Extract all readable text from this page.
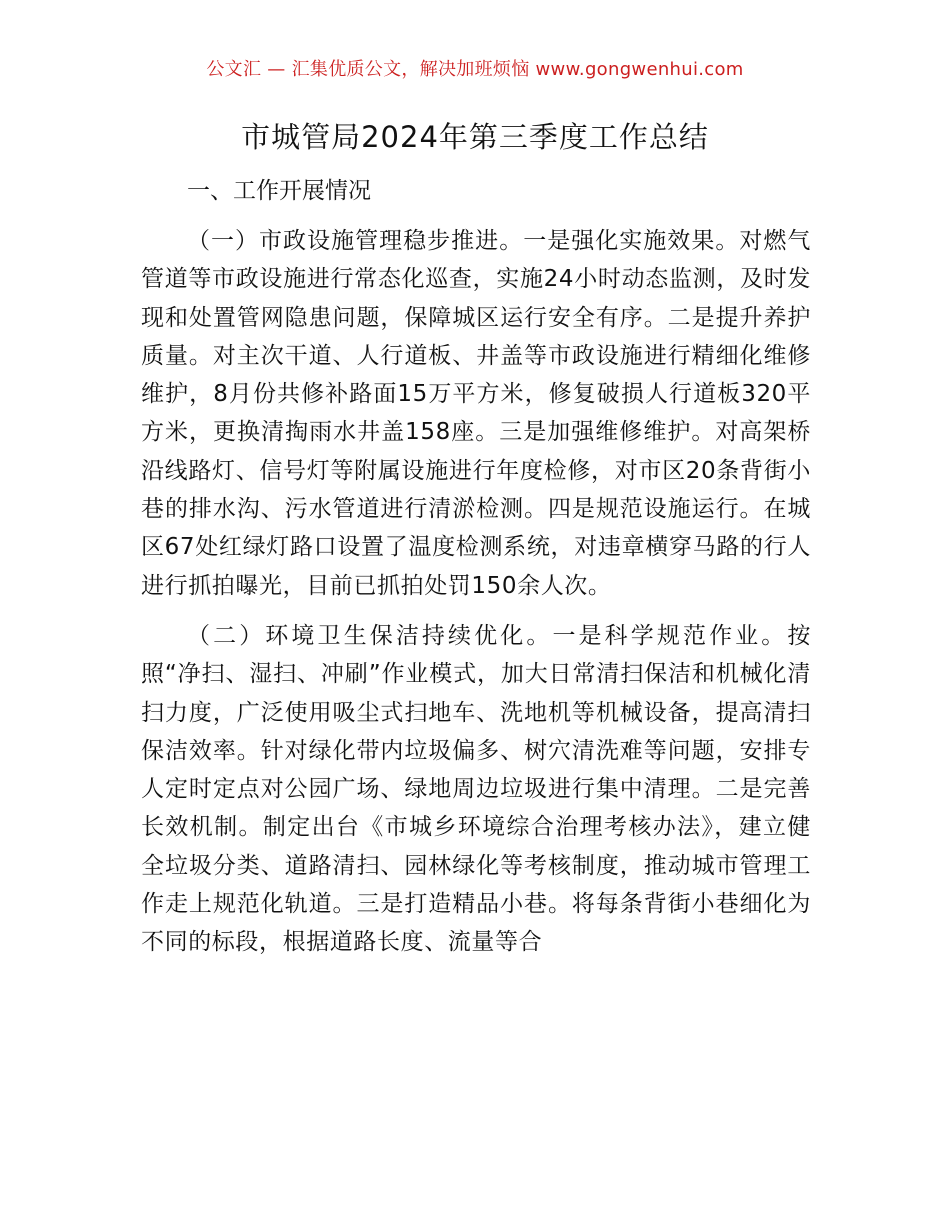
公文汇 — 汇集优质公文，解决加班烦恼 www.gongwenhui.com
市城管局2024年第三季度工作总结
一、工作开展情况

（一）市政设施管理稳步推进。一是强化实施效果。对燃气管道等市政设施进行常态化巡查，实施24小时动态监测，及时发现和处置管网隐患问题，保障城区运行安全有序。二是提升养护质量。对主次干道、人行道板、井盖等市政设施进行精细化维修维护，8月份共修补路面15万平方米，修复破损人行道板320平方米，更换清掏雨水井盖158座。三是加强维修维护。对高架桥沿线路灯、信号灯等附属设施进行年度检修，对市区20条背街小巷的排水沟、污水管道进行清淤检测。四是规范设施运行。在城区67处红绿灯路口设置了温度检测系统，对违章横穿马路的行人进行抓拍曝光，目前已抓拍处罚150余人次。

（二）环境卫生保洁持续优化。一是科学规范作业。按照“净扫、湿扫、冲刷”作业模式，加大日常清扫保洁和机械化清扫力度，广泛使用吸尘式扫地车、洗地机等机械设备，提高清扫保洁效率。针对绿化带内垃圾偏多、树穴清洗难等问题，安排专人定时定点对公园广场、绿地周边垃圾进行集中清理。二是完善长效机制。制定出台《市城乡环境综合治理考核办法》，建立健全垃圾分类、道路清扫、园林绿化等考核制度，推动城市管理工作走上规范化轨道。三是打造精品小巷。将每条背街小巷细化为不同的标段，根据道路长度、流量等合
